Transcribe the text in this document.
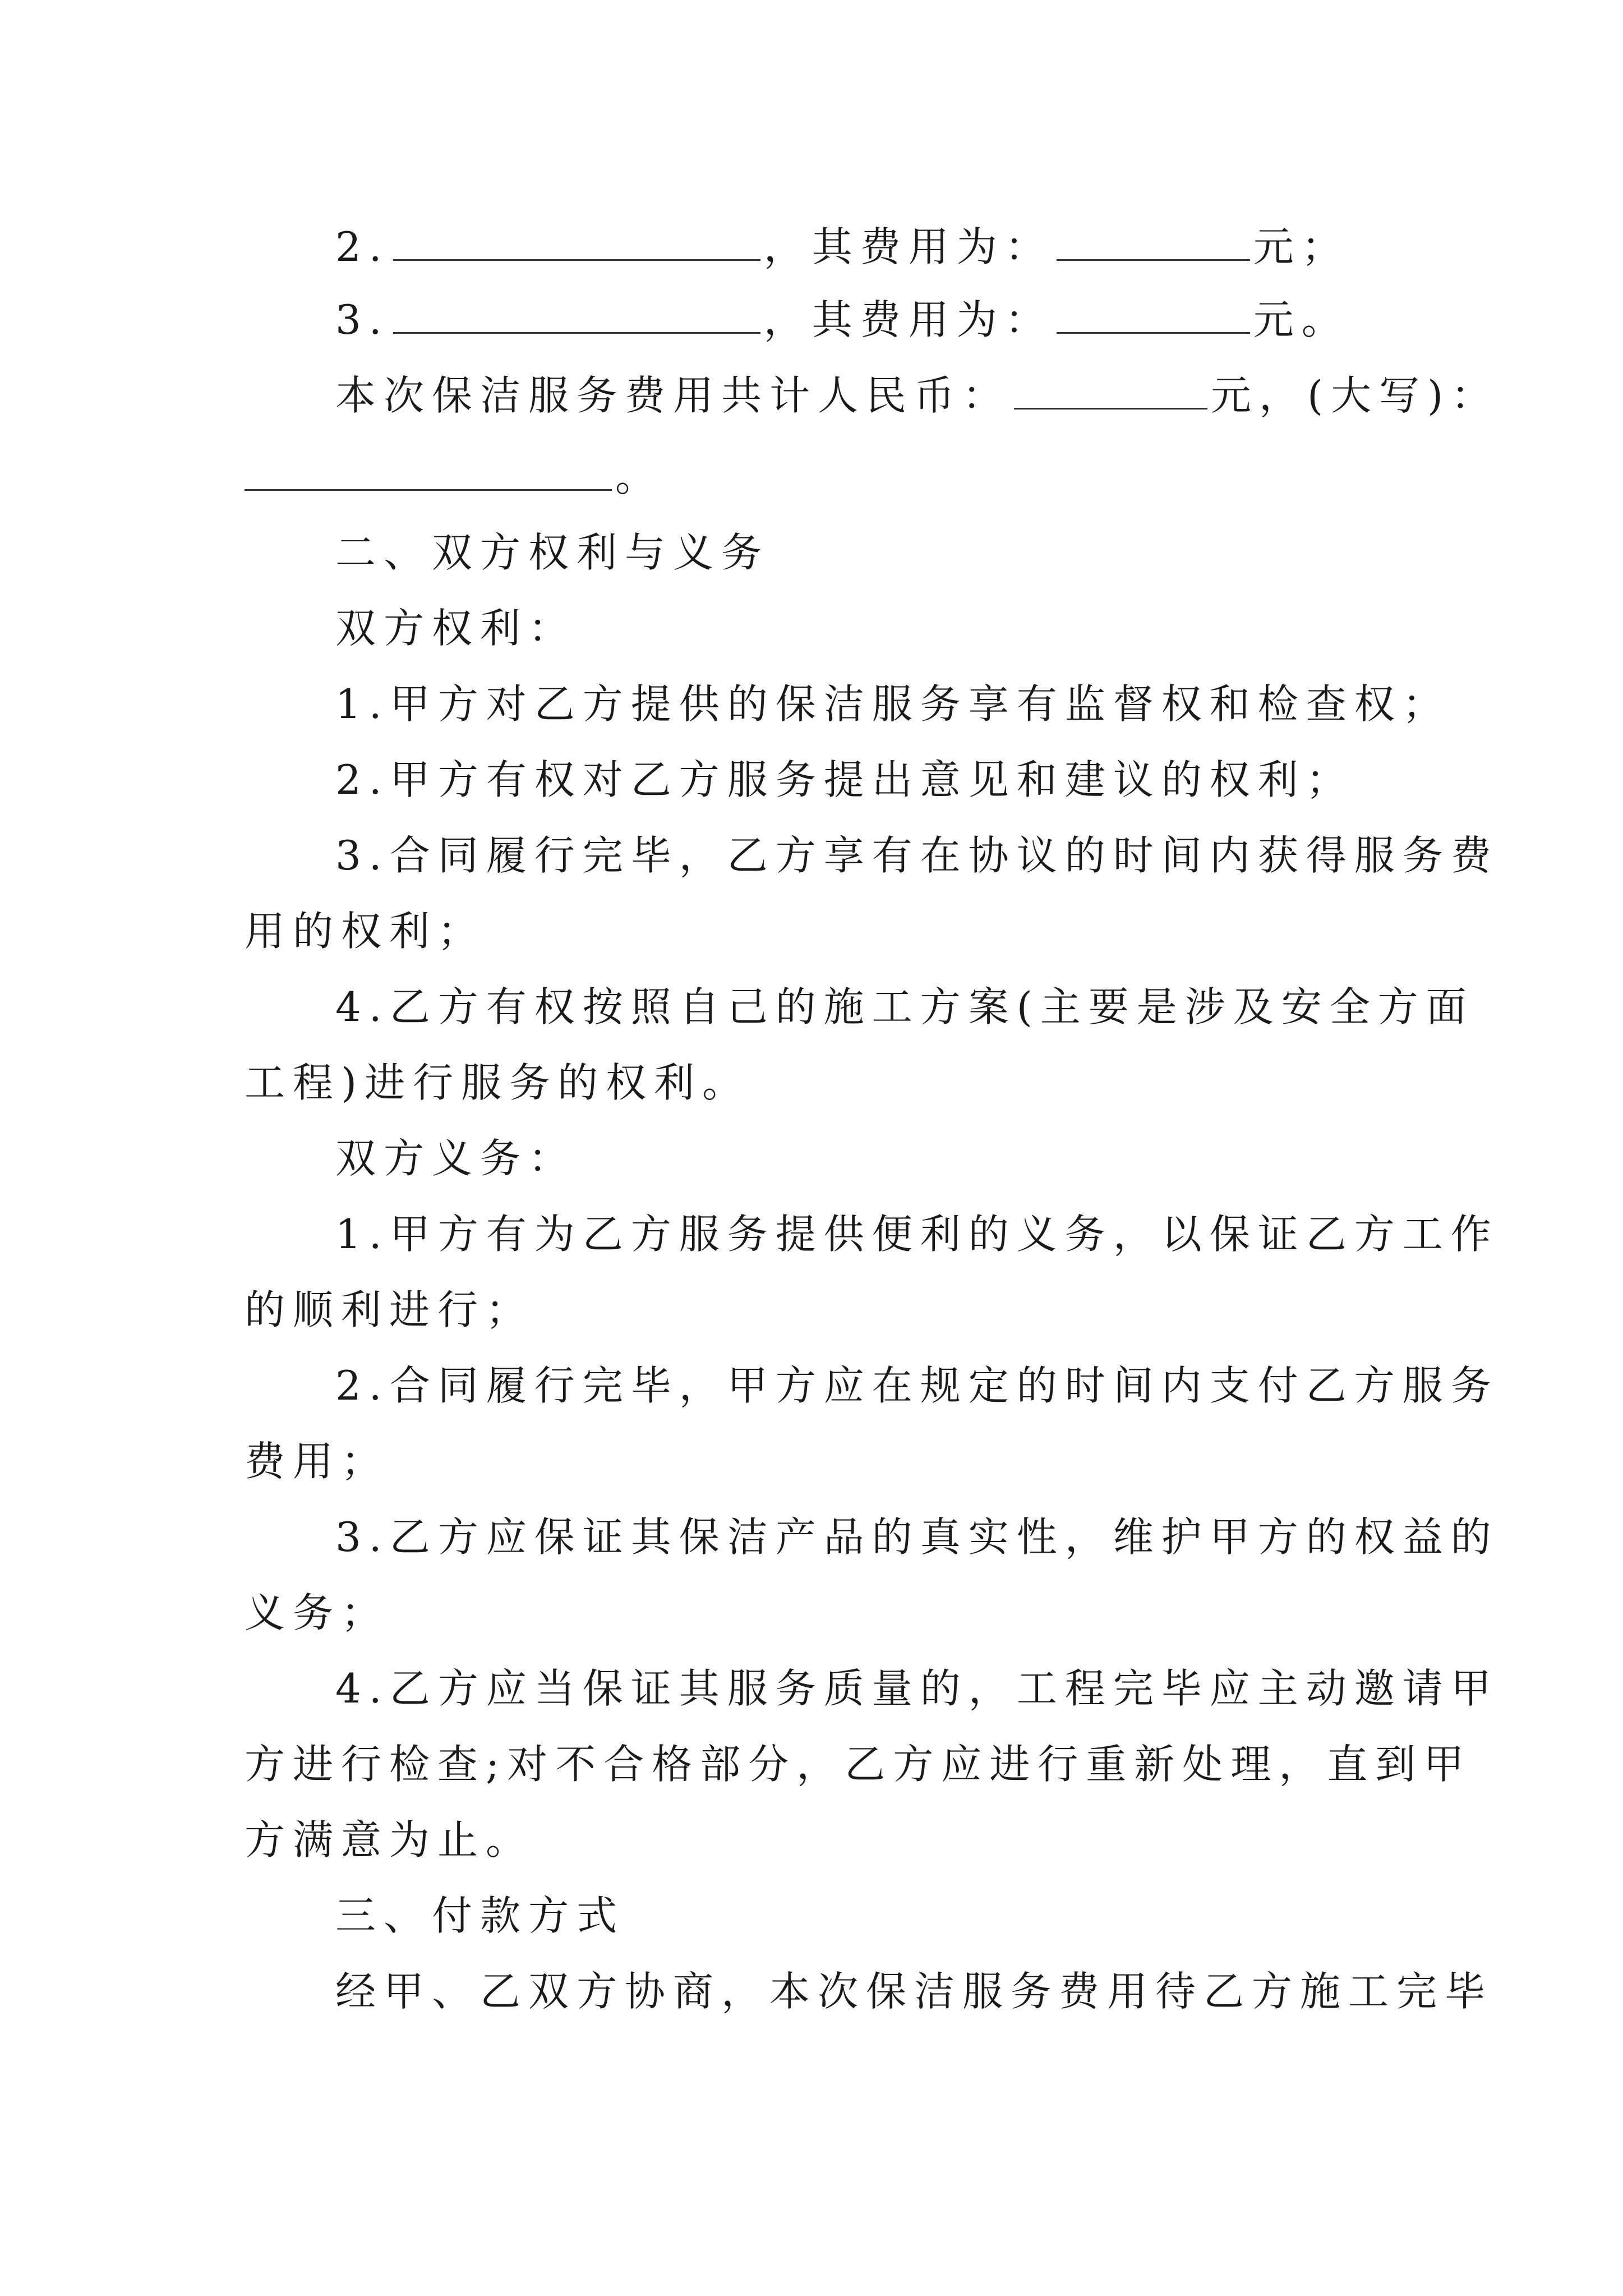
2.	，其费用为：	元；
3.	，其费用为：	元。
本次保洁服务费用共计人民币：	元，(大写)：
。
二、双方权利与义务
双方权利：
1.甲方对乙方提供的保洁服务享有监督权和检查权；
2.甲方有权对乙方服务提出意见和建议的权利；
3.合同履行完毕，乙方享有在协议的时间内获得服务费
用的权利；
4.乙方有权按照自己的施工方案(主要是涉及安全方面
工程)进行服务的权利。
双方义务：
1.甲方有为乙方服务提供便利的义务，以保证乙方工作
的顺利进行；
2.合同履行完毕，甲方应在规定的时间内支付乙方服务
费用；
3.乙方应保证其保洁产品的真实性，维护甲方的权益的
义务；
4.乙方应当保证其服务质量的，工程完毕应主动邀请甲
方进行检查;对不合格部分，乙方应进行重新处理，直到甲
方满意为止。
三、付款方式
经甲、乙双方协商，本次保洁服务费用待乙方施工完毕
